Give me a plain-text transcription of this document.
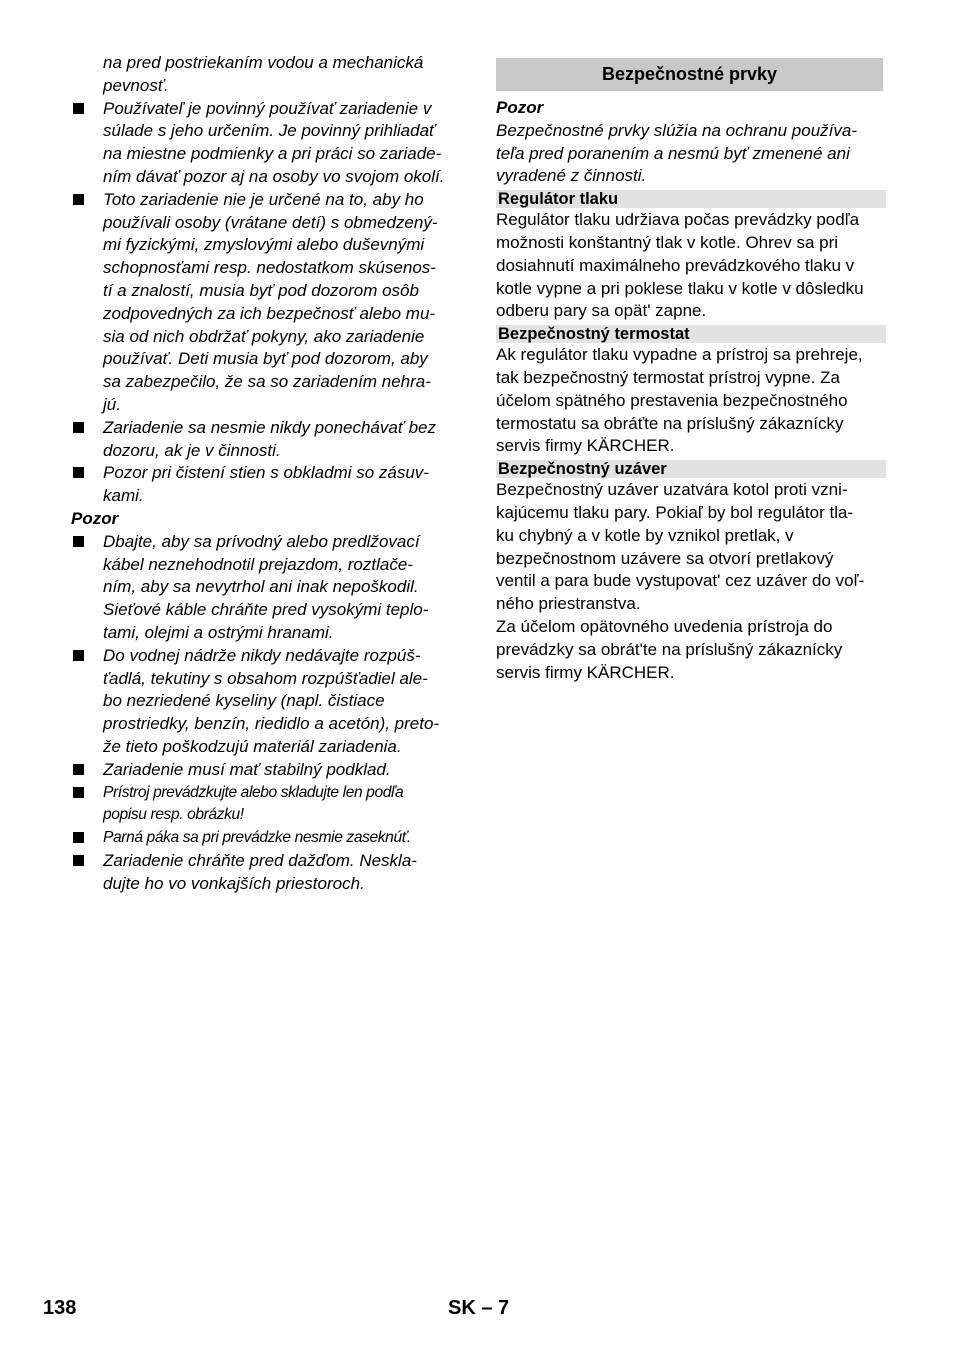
na pred postriekaním vodou a mechanická
pevnosť.
Používateľ je povinný používať zariadenie v
súlade s jeho určením. Je povinný prihliadať
na miestne podmienky a pri práci so zariade-
ním dávať pozor aj na osoby vo svojom okolí.
Toto zariadenie nie je určené na to, aby ho
používali osoby (vrátane detí) s obmedzený-
mi fyzickými, zmyslovými alebo duševnými
schopnosťami resp. nedostatkom skúsenos-
tí a znalostí, musia byť pod dozorom osôb
zodpovedných za ich bezpečnosť alebo mu-
sia od nich obdržať pokyny, ako zariadenie
používať. Deti musia byť pod dozorom, aby
sa zabezpečilo, že sa so zariadením nehra-
jú.
Zariadenie sa nesmie nikdy ponechávať bez
dozoru, ak je v činnosti.
Pozor pri čistení stien s obkladmi so zásuv-
kami.
Pozor
Dbajte, aby sa prívodný alebo predlžovací
kábel neznehodnotil prejazdom, roztlače-
ním, aby sa nevytrhol ani inak nepoškodil.
Sieťové káble chráňte pred vysokými teplo-
tami, olejmi a ostrými hranami.
Do vodnej nádrže nikdy nedávajte rozpúš-
ťadlá, tekutiny s obsahom rozpúšťadiel ale-
bo nezriedené kyseliny (napl. čistiace
prostriedky, benzín, riedidlo a acetón), preto-
že tieto poškodzujú materiál zariadenia.
Zariadenie musí mať stabilný podklad.
Prístroj prevádzkujte alebo skladujte len podľa
popisu resp. obrázku!
Parná páka sa pri prevádzke nesmie zaseknúť.
Zariadenie chráňte pred dažďom. Neskla-
dujte ho vo vonkajších priestoroch.
Bezpečnostné prvky
Pozor
Bezpečnostné prvky slúžia na ochranu používa-
teľa pred poranením a nesmú byť zmenené ani
vyradené z činnosti.
Regulátor tlaku
Regulátor tlaku udržiava počas prevádzky podľa
možnosti konštantný tlak v kotle. Ohrev sa pri
dosiahnutí maximálneho prevádzkového tlaku v
kotle vypne a pri poklese tlaku v kotle v dôsledku
odberu pary sa opät' zapne.
Bezpečnostný termostat
Ak regulátor tlaku vypadne a prístroj sa prehreje,
tak bezpečnostný termostat prístroj vypne. Za
účelom spätného prestavenia bezpečnostného
termostatu sa obráťte na príslušný zákaznícky
servis firmy KÄRCHER.
Bezpečnostný uzáver
Bezpečnostný uzáver uzatvára kotol proti vzni-
kajúcemu tlaku pary. Pokiaľ by bol regulátor tla-
ku chybný a v kotle by vznikol pretlak, v
bezpečnostnom uzávere sa otvorí pretlakový
ventil a para bude vystupovat' cez uzáver do voľ-
ného priestranstva.
Za účelom opätovného uvedenia prístroja do
prevádzky sa obrát'te na príslušný zákaznícky
servis firmy KÄRCHER.
138	SK – 7
